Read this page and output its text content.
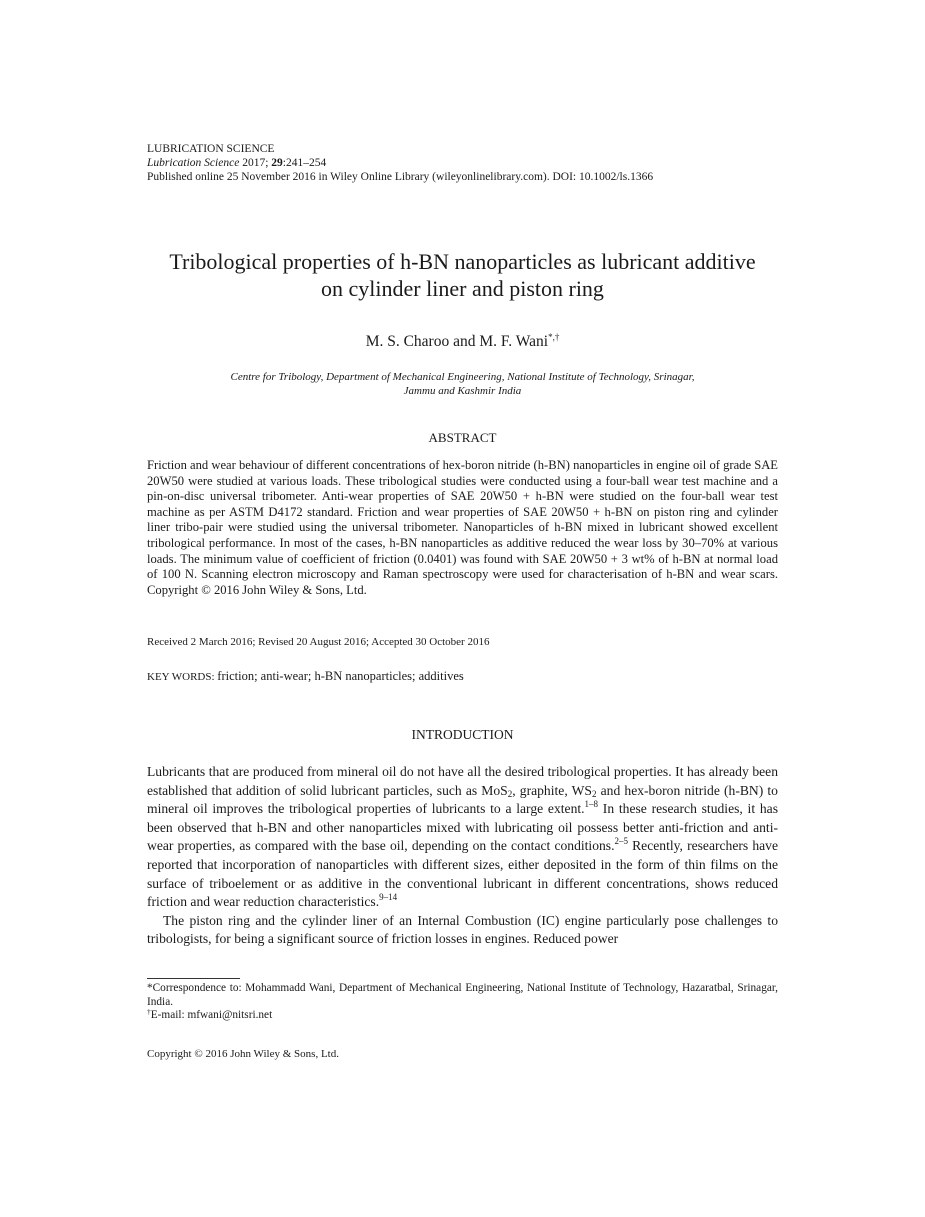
LUBRICATION SCIENCE
Lubrication Science 2017; 29:241–254
Published online 25 November 2016 in Wiley Online Library (wileyonlinelibrary.com). DOI: 10.1002/ls.1366
Tribological properties of h-BN nanoparticles as lubricant additive
on cylinder liner and piston ring
M. S. Charoo and M. F. Wani*,†
Centre for Tribology, Department of Mechanical Engineering, National Institute of Technology, Srinagar,
Jammu and Kashmir India
ABSTRACT

Friction and wear behaviour of different concentrations of hex-boron nitride (h-BN) nanoparticles in engine oil of grade SAE 20W50 were studied at various loads. These tribological studies were conducted using a four-ball wear test machine and a pin-on-disc universal tribometer. Anti-wear properties of SAE 20W50 + h-BN were studied on the four-ball wear test machine as per ASTM D4172 standard. Friction and wear properties of SAE 20W50 + h-BN on piston ring and cylinder liner tribo-pair were studied using the universal tribometer. Nanoparticles of h-BN mixed in lubricant showed excellent tribological performance. In most of the cases, h-BN nanoparticles as additive reduced the wear loss by 30–70% at various loads. The minimum value of coefficient of friction (0.0401) was found with SAE 20W50 + 3 wt% of h-BN at normal load of 100 N. Scanning electron microscopy and Raman spectroscopy were used for characterisation of h-BN and wear scars. Copyright © 2016 John Wiley & Sons, Ltd.

Received 2 March 2016; Revised 20 August 2016; Accepted 30 October 2016
KEY WORDS: friction; anti-wear; h-BN nanoparticles; additives
INTRODUCTION

Lubricants that are produced from mineral oil do not have all the desired tribological properties. It has already been established that addition of solid lubricant particles, such as MoS$_2$, graphite, $WS_2$ and hex-boron nitride (h-BN) to mineral oil improves the tribological properties of lubricants to a large extent.$^{1-8}$ In these research studies, it has been observed that h-BN and other nanoparticles mixed with lubricating oil possess better anti-friction and anti-wear properties, as compared with the base oil, depending on the contact conditions.$^{2-5}$ Recently, researchers have reported that incorporation of nanoparticles with different sizes, either deposited in the form of thin films on the surface of triboelement or as additive in the conventional lubricant in different concentrations, shows reduced friction and wear reduction characteristics.$^{9-14}$

The piston ring and the cylinder liner of an Internal Combustion (IC) engine particularly pose challenges to tribologists, for being a significant source of friction losses in engines. Reduced power

*Correspondence to: Mohammadd Wani, Department of Mechanical Engineering, National Institute of Technology, Hazaratbal, Srinagar, India.

†E-mail: mfwani@nitsri.net

Copyright © 2016 John Wiley & Sons, Ltd.
